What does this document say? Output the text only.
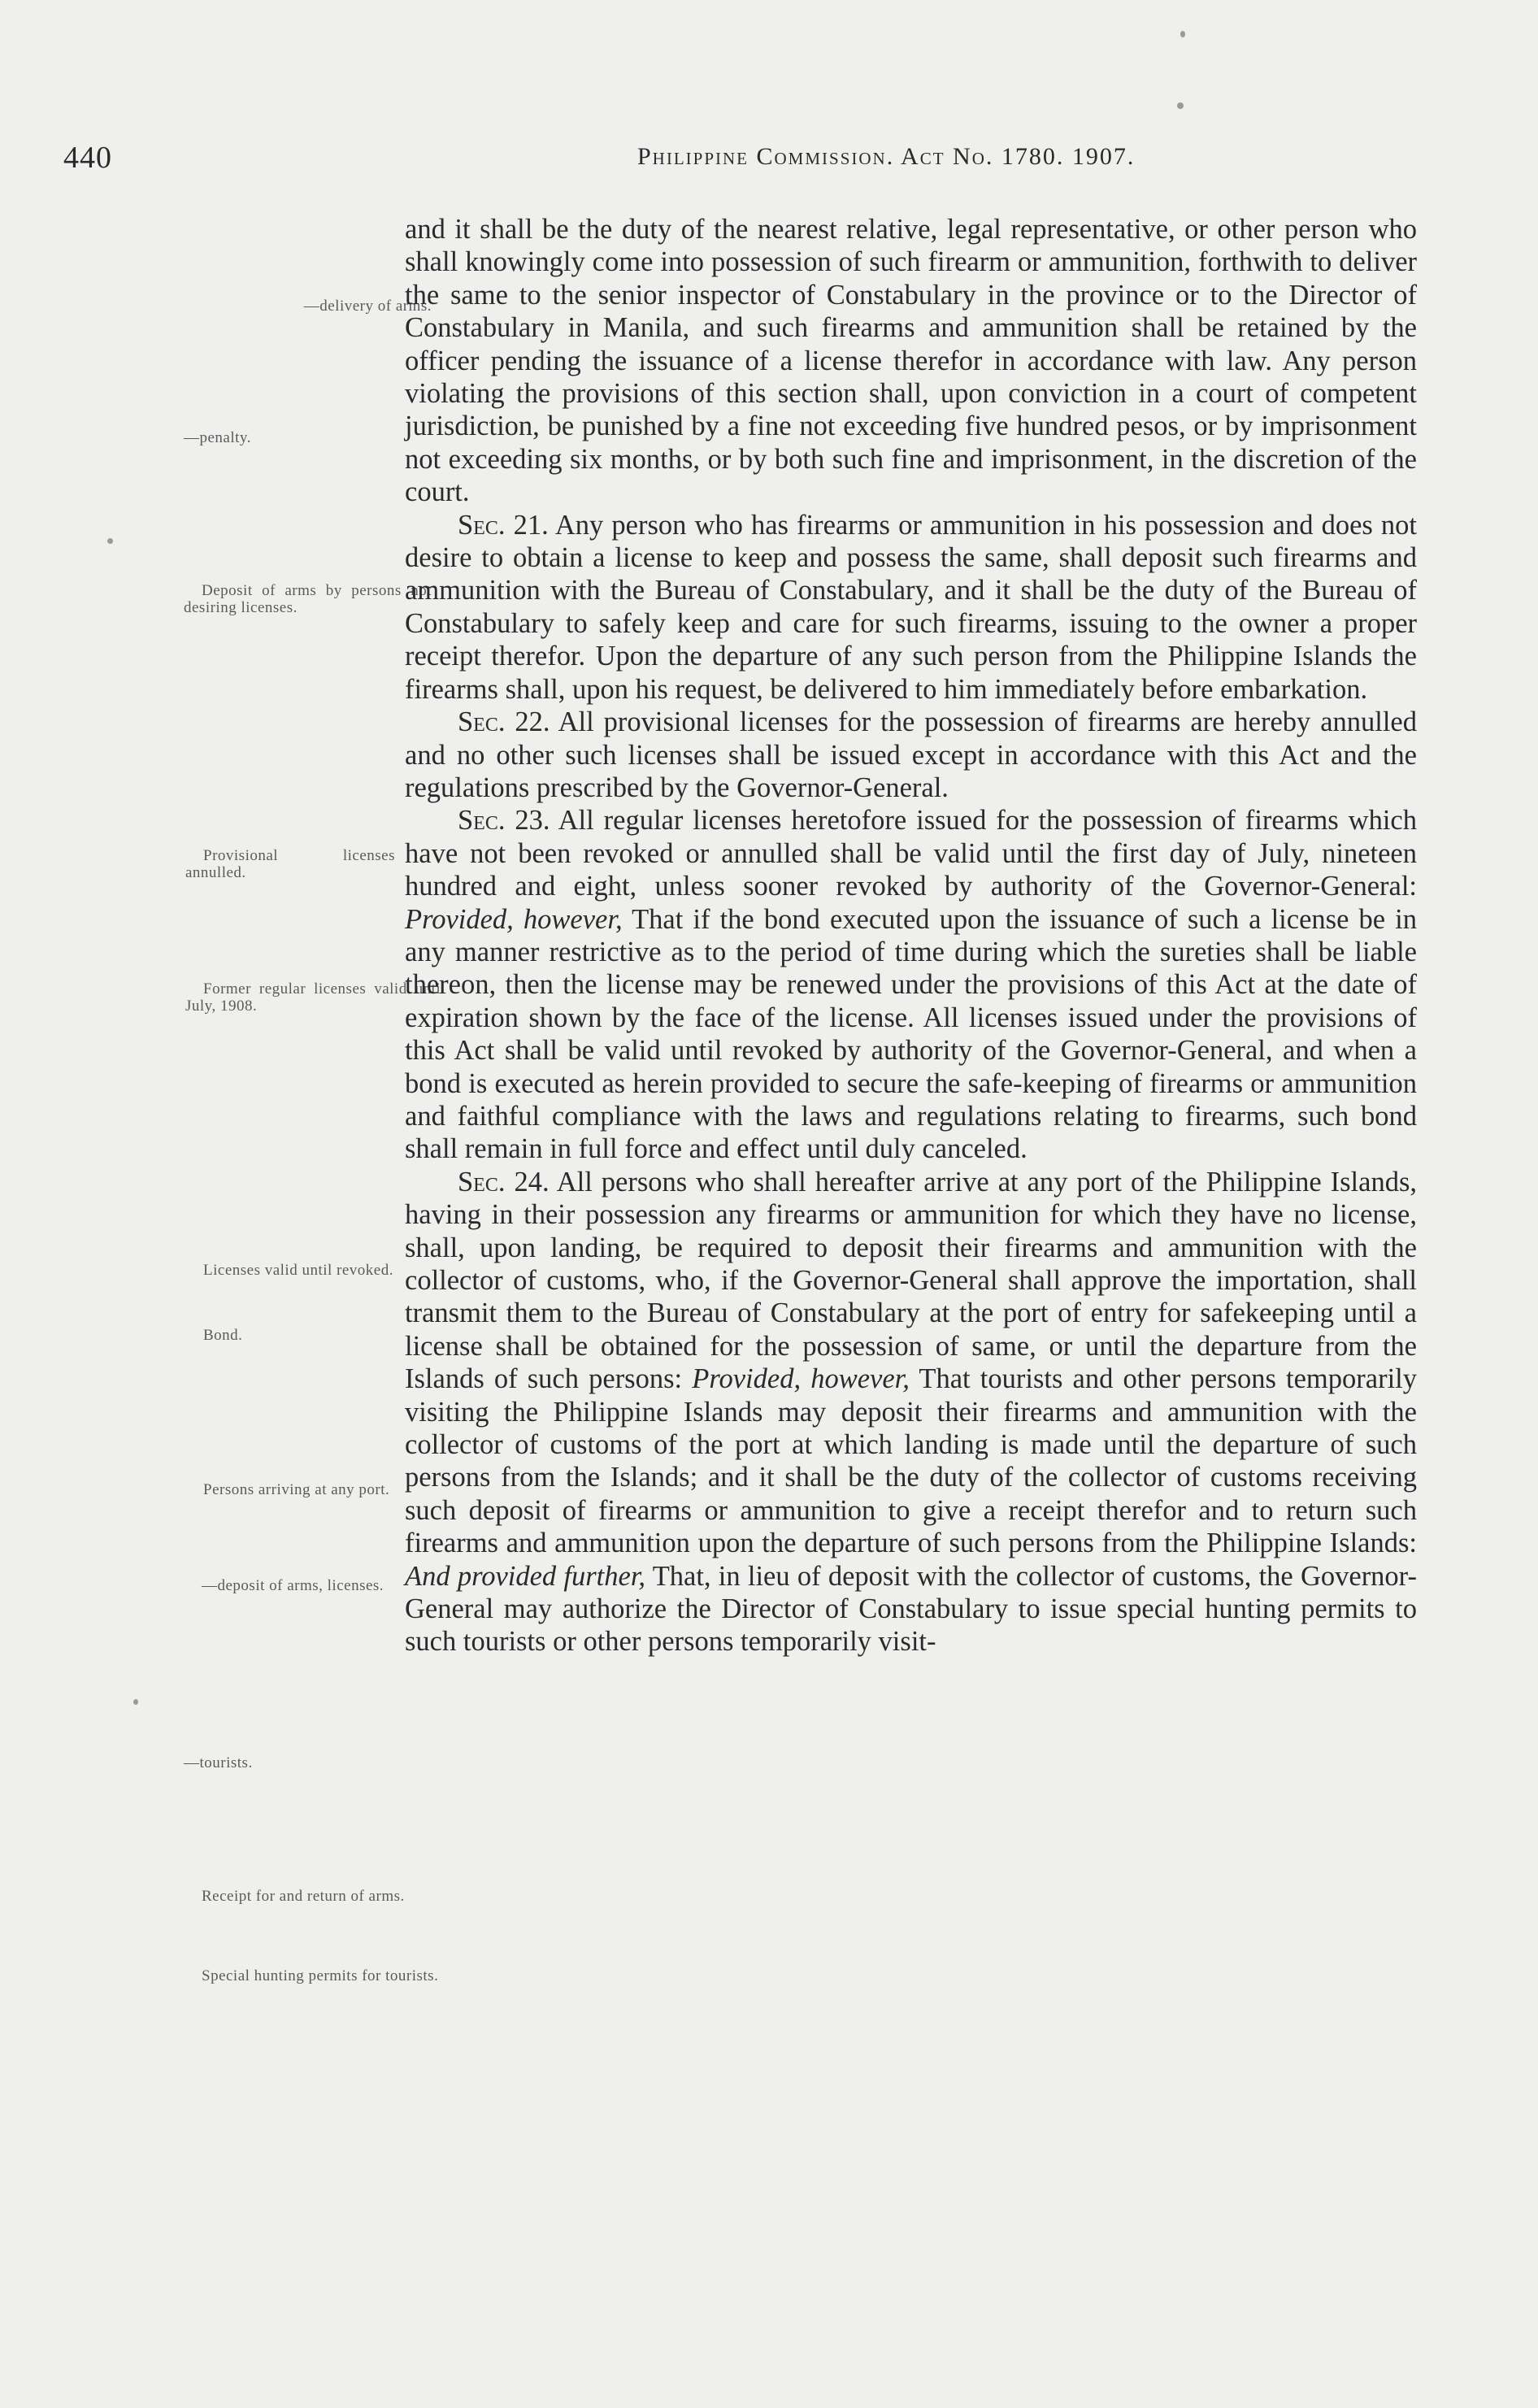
440	Philippine Commission. Act No. 1780. 1907.
—delivery of arms.
—penalty.
Deposit of arms by persons not desiring licenses.
Provisional licenses annulled.
Former regular licenses valid until July, 1908.
Licenses valid until revoked.
Bond.
Persons arriving at any port.
—deposit of arms, licenses.
—tourists.
Receipt for and return of arms.
Special hunting permits for tourists.

and it shall be the duty of the nearest relative, legal representative, or other person who shall knowingly come into possession of such firearm or ammunition, forthwith to deliver the same to the senior inspector of Constabulary in the province or to the Director of Constabulary in Manila, and such firearms and ammunition shall be retained by the officer pending the issuance of a license therefor in accordance with law. Any person violating the provisions of this section shall, upon conviction in a court of competent jurisdiction, be punished by a fine not exceeding five hundred pesos, or by imprisonment not exceeding six months, or by both such fine and imprisonment, in the discretion of the court.

Sec. 21. Any person who has firearms or ammunition in his possession and does not desire to obtain a license to keep and possess the same, shall deposit such firearms and ammunition with the Bureau of Constabulary, and it shall be the duty of the Bureau of Constabulary to safely keep and care for such firearms, issuing to the owner a proper receipt therefor. Upon the departure of any such person from the Philippine Islands the firearms shall, upon his request, be delivered to him immediately before embarkation.

Sec. 22. All provisional licenses for the possession of firearms are hereby annulled and no other such licenses shall be issued except in accordance with this Act and the regulations prescribed by the Governor-General.

Sec. 23. All regular licenses heretofore issued for the possession of firearms which have not been revoked or annulled shall be valid until the first day of July, nineteen hundred and eight, unless sooner revoked by authority of the Governor-General: Provided, however, That if the bond executed upon the issuance of such a license be in any manner restrictive as to the period of time during which the sureties shall be liable thereon, then the license may be renewed under the provisions of this Act at the date of expiration shown by the face of the license. All licenses issued under the provisions of this Act shall be valid until revoked by authority of the Governor-General, and when a bond is executed as herein provided to secure the safe-keeping of firearms or ammunition and faithful compliance with the laws and regulations relating to firearms, such bond shall remain in full force and effect until duly canceled.

Sec. 24. All persons who shall hereafter arrive at any port of the Philippine Islands, having in their possession any firearms or ammunition for which they have no license, shall, upon landing, be required to deposit their firearms and ammunition with the collector of customs, who, if the Governor-General shall approve the importation, shall transmit them to the Bureau of Constabulary at the port of entry for safekeeping until a license shall be obtained for the possession of same, or until the departure from the Islands of such persons: Provided, however, That tourists and other persons temporarily visiting the Philippine Islands may deposit their firearms and ammunition with the collector of customs of the port at which landing is made until the departure of such persons from the Islands; and it shall be the duty of the collector of customs receiving such deposit of firearms or ammunition to give a receipt therefor and to return such firearms and ammunition upon the departure of such persons from the Philippine Islands: And provided further, That, in lieu of deposit with the collector of customs, the Governor-General may authorize the Director of Constabulary to issue special hunting permits to such tourists or other persons temporarily visit-
